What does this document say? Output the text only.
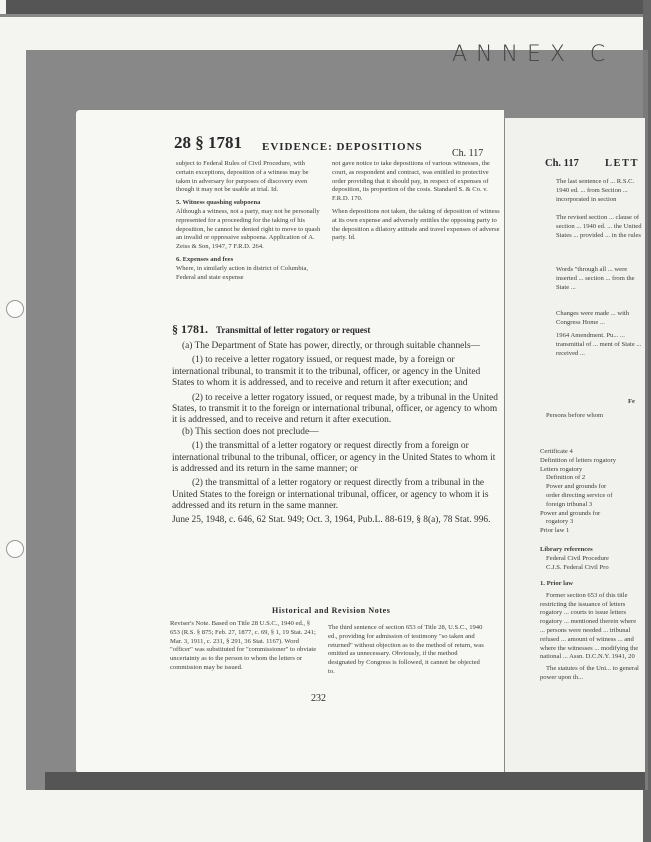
ANNEX C
28 § 1781 EVIDENCE: DEPOSITIONS
Ch. 117

subject to Federal Rules of Civil Procedure, with certain exceptions, deposition of a witness may be taken in adversary for purposes of discovery even though it may not be usable at trial. Id.

5. Witness quashing subpoena

Although a witness, not a party, may not be personally represented for a proceeding for the taking of his deposition, he cannot be denied right to move to quash an invalid or oppressive subpoena. Application of A. Zeiss & Son, 1947, 7 F.R.D. 264.

6. Expenses and fees

Where, in similarly action in district of Columbia, Federal and state expense

not gave notice to take depositions of various witnesses, the court, as respondent and contract, was entitled to protective order providing that it should pay, in respect of expenses of deposition, its proportion of the costs. Standard S. & Co. v. F.R.D. 170.

When depositions not taken, the taking of deposition of witness at its own expense and adversely entitles the opposing party to the deposition a dilatory attitude and travel expenses of adverse party. Id.

§ 1781. Transmittal of letter rogatory or request

(a) The Department of State has power, directly, or through suitable channels—

(1) to receive a letter rogatory issued, or request made, by a foreign or international tribunal, to transmit it to the tribunal, officer, or agency in the United States to whom it is addressed, and to receive and return it after execution; and

(2) to receive a letter rogatory issued, or request made, by a tribunal in the United States, to transmit it to the foreign or international tribunal, officer, or agency to whom it is addressed, and to receive and return it after execution.

(b) This section does not preclude—

(1) the transmittal of a letter rogatory or request directly from a foreign or international tribunal to the tribunal, officer, or agency in the United States to whom it is addressed and its return in the same manner; or

(2) the transmittal of a letter rogatory or request directly from a tribunal in the United States to the foreign or international tribunal, officer, or agency to whom it is addressed and its return in the same manner.

June 25, 1948, c. 646, 62 Stat. 949; Oct. 3, 1964, Pub.L. 88-619, § 8(a), 78 Stat. 996.

Historical and Revision Notes
Reviser's Note. Based on Title 28 U.S.C., 1940 ed., § 653 (R.S. § 875; Feb. 27, 1877, c. 69, § 1, 19 Stat. 241; Mar. 3, 1911, c. 231, § 291, 36 Stat. 1167). Word "officer" was substituted for "commissioner" to obviate uncertainty as to the person to whom the letters or commission may be issued.
The third sentence of section 653 of Title 28, U.S.C., 1940 ed., providing for admission of testimony "so taken and returned" without objection as to the method of return, was omitted as unnecessary. Obviously, if the method designated by Congress is followed, it cannot be objected to.
232
Ch. 117 LETT
The last sentence of ... R.S.C. 1940 ed. ... from Section ... incorporated in section
The revised section ... clause of section ... 1940 ed. ... the United States ... provided ... in the rules
Words "through all ... were inserted ... section ... from the State ...
Changes were made ... with Congress Home ...
1964 Amendment. Pu... ... transmittal of ... ment of State ... received ...
Fe
Persons before whom

Certificate 4

Definition of letters rogatory

Letters rogatory

Definition of 2

Power and grounds for

order directing service of

foreign tribunal 3

Power and grounds for

rogatory 3

Prior law 1

Library references

Federal Civil Procedure

C.J.S. Federal Civil Pro

1. Prior law

Former section 653 of this title restricting the issuance of letters rogatory ... courts to issue letters rogatory ... mentioned therein where ... persons were needed ... tribunal refused ... amount of witness ... and where the witnesses ... modifying the national ... Assn. D.C.N.Y. 1941, 20

The statutes of the Uni... to general power upon th...
